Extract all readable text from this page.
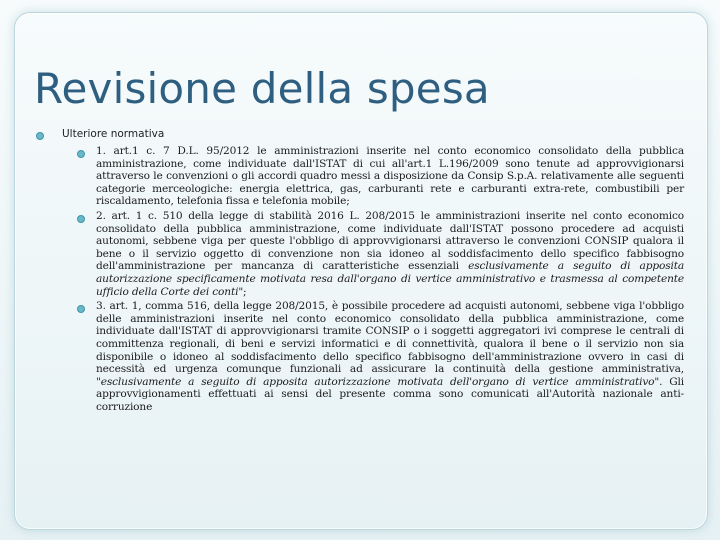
Revisione della spesa
Ulteriore normativa
1. art.1 c. 7 D.L. 95/2012 le amministrazioni inserite nel conto economico consolidato della pubblica amministrazione, come individuate dall'ISTAT di cui all'art.1 L.196/2009 sono tenute ad approvvigionarsi attraverso le convenzioni o gli accordi quadro messi a disposizione da Consip S.p.A. relativamente alle seguenti categorie merceologiche: energia elettrica, gas, carburanti rete e carburanti extra-rete, combustibili per riscaldamento, telefonia fissa e telefonia mobile;
2. art. 1 c. 510 della legge di stabilità 2016 L. 208/2015 le amministrazioni inserite nel conto economico consolidato della pubblica amministrazione, come individuate dall'ISTAT possono procedere ad acquisti autonomi, sebbene viga per queste l'obbligo di approvvigionarsi attraverso le convenzioni CONSIP qualora il bene o il servizio oggetto di convenzione non sia idoneo al soddisfacimento dello specifico fabbisogno dell'amministrazione per mancanza di caratteristiche essenziali esclusivamente a seguito di apposita autorizzazione specificamente motivata resa dall'organo di vertice amministrativo e trasmessa al competente ufficio della Corte dei conti";
3. art. 1, comma 516, della legge 208/2015, è possibile procedere ad acquisti autonomi, sebbene viga l'obbligo delle amministrazioni inserite nel conto economico consolidato della pubblica amministrazione, come individuate dall'ISTAT di approvvigionarsi tramite CONSIP o i soggetti aggregatori ivi comprese le centrali di committenza regionali, di beni e servizi informatici e di connettività, qualora il bene o il servizio non sia disponibile o idoneo al soddisfacimento dello specifico fabbisogno dell'amministrazione ovvero in casi di necessità ed urgenza comunque funzionali ad assicurare la continuità della gestione amministrativa, "esclusivamente a seguito di apposita autorizzazione motivata dell'organo di vertice amministrativo". Gli approvvigionamenti effettuati ai sensi del presente comma sono comunicati all'Autorità nazionale anti-corruzione
